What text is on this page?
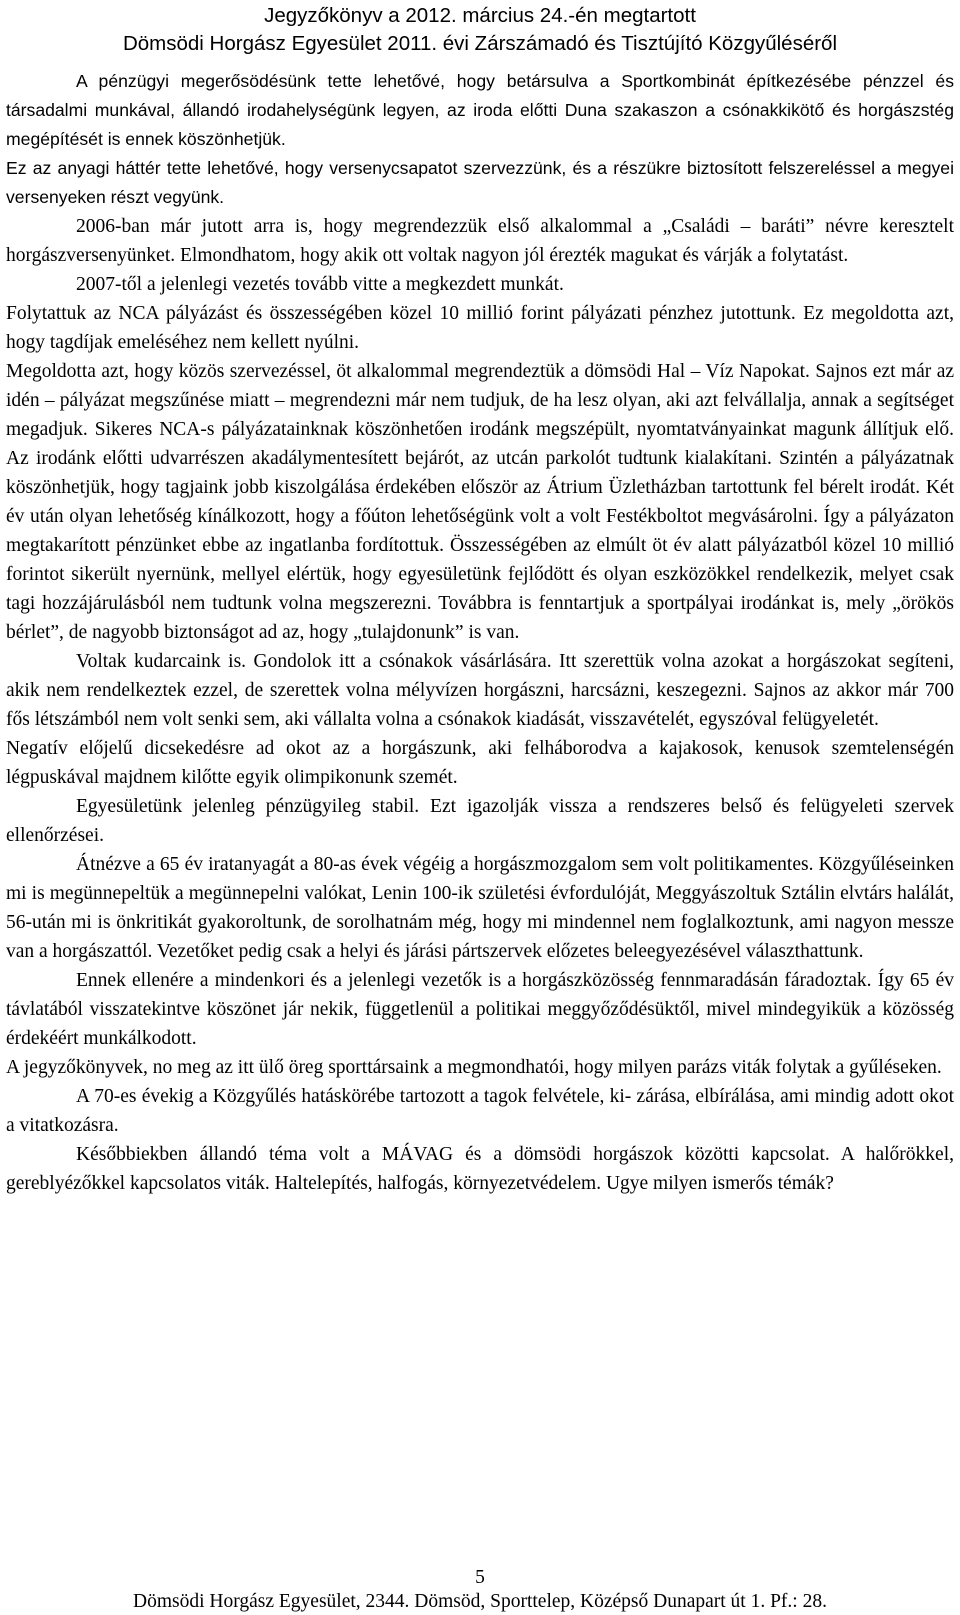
Jegyzőkönyv a 2012. március 24.-én megtartott
Dömsödi Horgász Egyesület 2011. évi Zárszámadó és Tisztújító Közgyűléséről

A pénzügyi megerősödésünk tette lehetővé, hogy betársulva a Sportkombinát építkezésébe pénzzel és társadalmi munkával, állandó irodahelységünk legyen, az iroda előtti Duna szakaszon a csónakkikötő és horgászstég megépítését is ennek köszönhetjük.

Ez az anyagi háttér tette lehetővé, hogy versenycsapatot szervezzünk, és a részükre biztosított felszereléssel a megyei versenyeken részt vegyünk.

2006-ban már jutott arra is, hogy megrendezzük első alkalommal a „Családi – baráti” névre keresztelt horgászversenyünket. Elmondhatom, hogy akik ott voltak nagyon jól érezték magukat és várják a folytatást.

2007-től a jelenlegi vezetés tovább vitte a megkezdett munkát.

Folytattuk az NCA pályázást és összességében közel 10 millió forint pályázati pénzhez jutottunk. Ez megoldotta azt, hogy tagdíjak emeléséhez nem kellett nyúlni.

Megoldotta azt, hogy közös szervezéssel, öt alkalommal megrendeztük a dömsödi Hal – Víz Napokat. Sajnos ezt már az idén – pályázat megszűnése miatt – megrendezni már nem tudjuk, de ha lesz olyan, aki azt felvállalja, annak a segítséget megadjuk. Sikeres NCA-s pályázatainknak köszönhetően irodánk megszépült, nyomtatványainkat magunk állítjuk elő. Az irodánk előtti udvarrészen akadálymentesített bejárót, az utcán parkolót tudtunk kialakítani. Szintén a pályázatnak köszönhetjük, hogy tagjaink jobb kiszolgálása érdekében először az Átrium Üzletházban tartottunk fel bérelt irodát. Két év után olyan lehetőség kínálkozott, hogy a főúton lehetőségünk volt a volt Festékboltot megvásárolni. Így a pályázaton megtakarított pénzünket ebbe az ingatlanba fordítottuk. Összességében az elmúlt öt év alatt pályázatból közel 10 millió forintot sikerült nyernünk, mellyel elértük, hogy egyesületünk fejlődött és olyan eszközökkel rendelkezik, melyet csak tagi hozzájárulásból nem tudtunk volna megszerezni. Továbbra is fenntartjuk a sportpályai irodánkat is, mely „örökös bérlet”, de nagyobb biztonságot ad az, hogy „tulajdonunk” is van.

Voltak kudarcaink is. Gondolok itt a csónakok vásárlására. Itt szerettük volna azokat a horgászokat segíteni, akik nem rendelkeztek ezzel, de szerettek volna mélyvízen horgászni, harcsázni, keszegezni. Sajnos az akkor már 700 fős létszámból nem volt senki sem, aki vállalta volna a csónakok kiadását, visszavételét, egyszóval felügyeletét.

Negatív előjelű dicsekedésre ad okot az a horgászunk, aki felháborodva a kajakosok, kenusok szemtelenségén légpuskával majdnem kilőtte egyik olimpikonunk szemét.

Egyesületünk jelenleg pénzügyileg stabil. Ezt igazolják vissza a rendszeres belső és felügyeleti szervek ellenőrzései.

Átnézve a 65 év iratanyagát a 80-as évek végéig a horgászmozgalom sem volt politikamentes. Közgyűléseinken mi is megünnepeltük a megünnepelni valókat, Lenin 100-ik születési évfordulóját, Meggyászoltuk Sztálin elvtárs halálát, 56-után mi is önkritikát gyakoroltunk, de sorolhatnám még, hogy mi mindennel nem foglalkoztunk, ami nagyon messze van a horgászattól. Vezetőket pedig csak a helyi és járási pártszervek előzetes beleegyezésével választhattunk.

Ennek ellenére a mindenkori és a jelenlegi vezetők is a horgászközösség fennmaradásán fáradoztak. Így 65 év távlatából visszatekintve köszönet jár nekik, függetlenül a politikai meggyőződésüktől, mivel mindegyikük a közösség érdekéért munkálkodott.

A jegyzőkönyvek, no meg az itt ülő öreg sporttársaink a megmondhatói, hogy milyen parázs viták folytak a gyűléseken.

A 70-es évekig a Közgyűlés hatáskörébe tartozott a tagok felvétele, ki- zárása, elbírálása, ami mindig adott okot a vitatkozásra.

Későbbiekben állandó téma volt a MÁVAG és a dömsödi horgászok közötti kapcsolat. A halőrökkel, gereblyézőkkel kapcsolatos viták. Haltelepítés, halfogás, környezetvédelem. Ugye milyen ismerős témák?

5
Dömsödi Horgász Egyesület, 2344. Dömsöd, Sporttelep, Középső Dunapart út 1. Pf.: 28.
